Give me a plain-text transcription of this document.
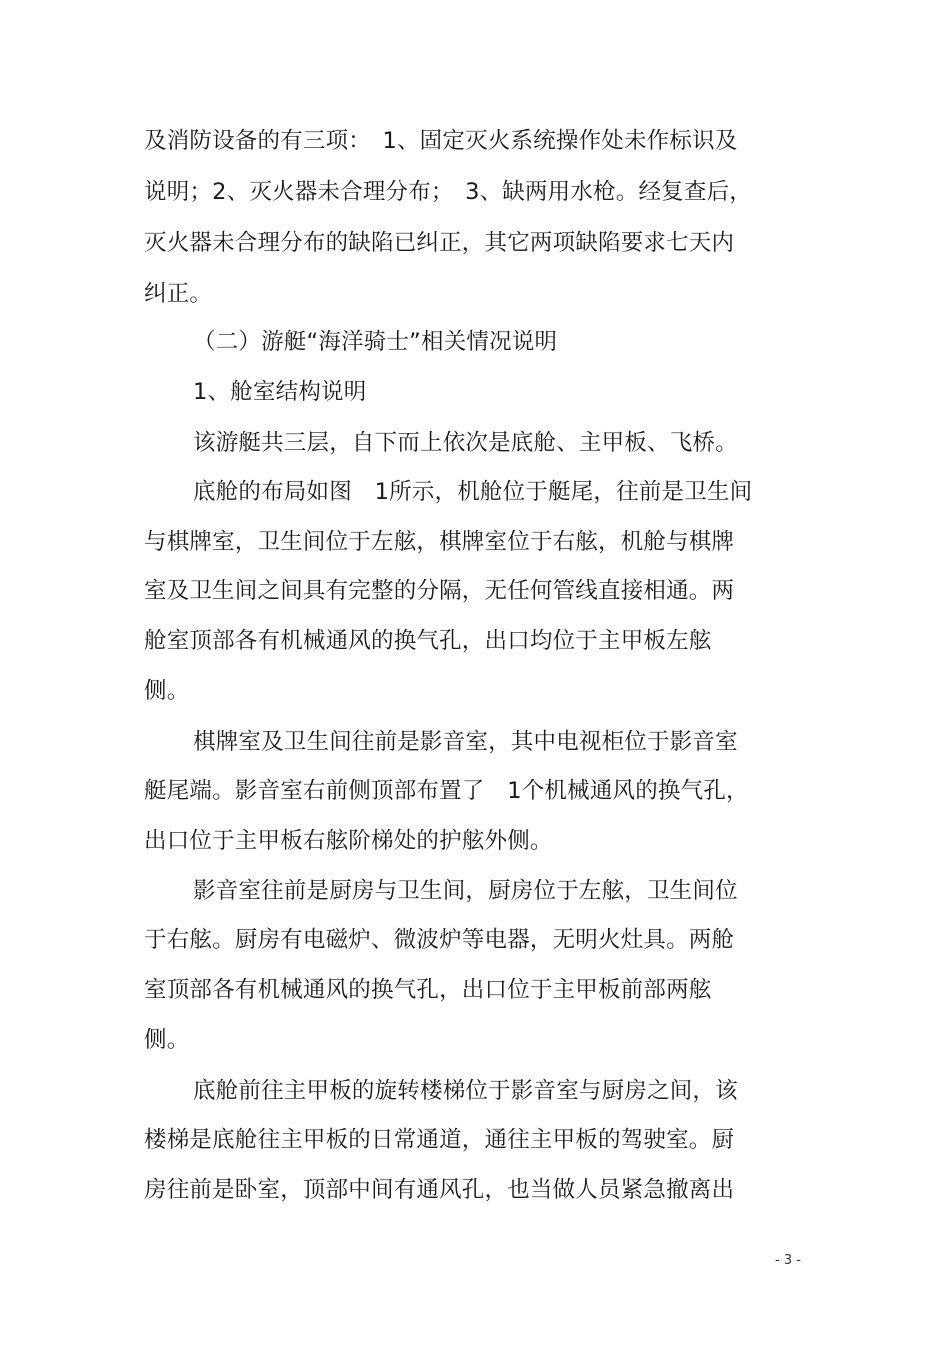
及消防设备的有三项：　1、固定灭火系统操作处未作标识及
说明；2、灭火器未合理分布；　3、缺两用水枪。经复查后，
灭火器未合理分布的缺陷已纠正，其它两项缺陷要求七天内
纠正。
（二）游艇“海洋骑士”相关情况说明
1、舱室结构说明
该游艇共三层，自下而上依次是底舱、主甲板、飞桥。
底舱的布局如图　1所示，机舱位于艇尾，往前是卫生间
与棋牌室，卫生间位于左舷，棋牌室位于右舷，机舱与棋牌
室及卫生间之间具有完整的分隔，无任何管线直接相通。两
舱室顶部各有机械通风的换气孔，出口均位于主甲板左舷
侧。
棋牌室及卫生间往前是影音室，其中电视柜位于影音室
艇尾端。影音室右前侧顶部布置了　1个机械通风的换气孔，
出口位于主甲板右舷阶梯处的护舷外侧。
影音室往前是厨房与卫生间，厨房位于左舷，卫生间位
于右舷。厨房有电磁炉、微波炉等电器，无明火灶具。两舱
室顶部各有机械通风的换气孔，出口位于主甲板前部两舷
侧。
底舱前往主甲板的旋转楼梯位于影音室与厨房之间，该
楼梯是底舱往主甲板的日常通道，通往主甲板的驾驶室。厨
房往前是卧室，顶部中间有通风孔，也当做人员紧急撤离出
- 3 -
